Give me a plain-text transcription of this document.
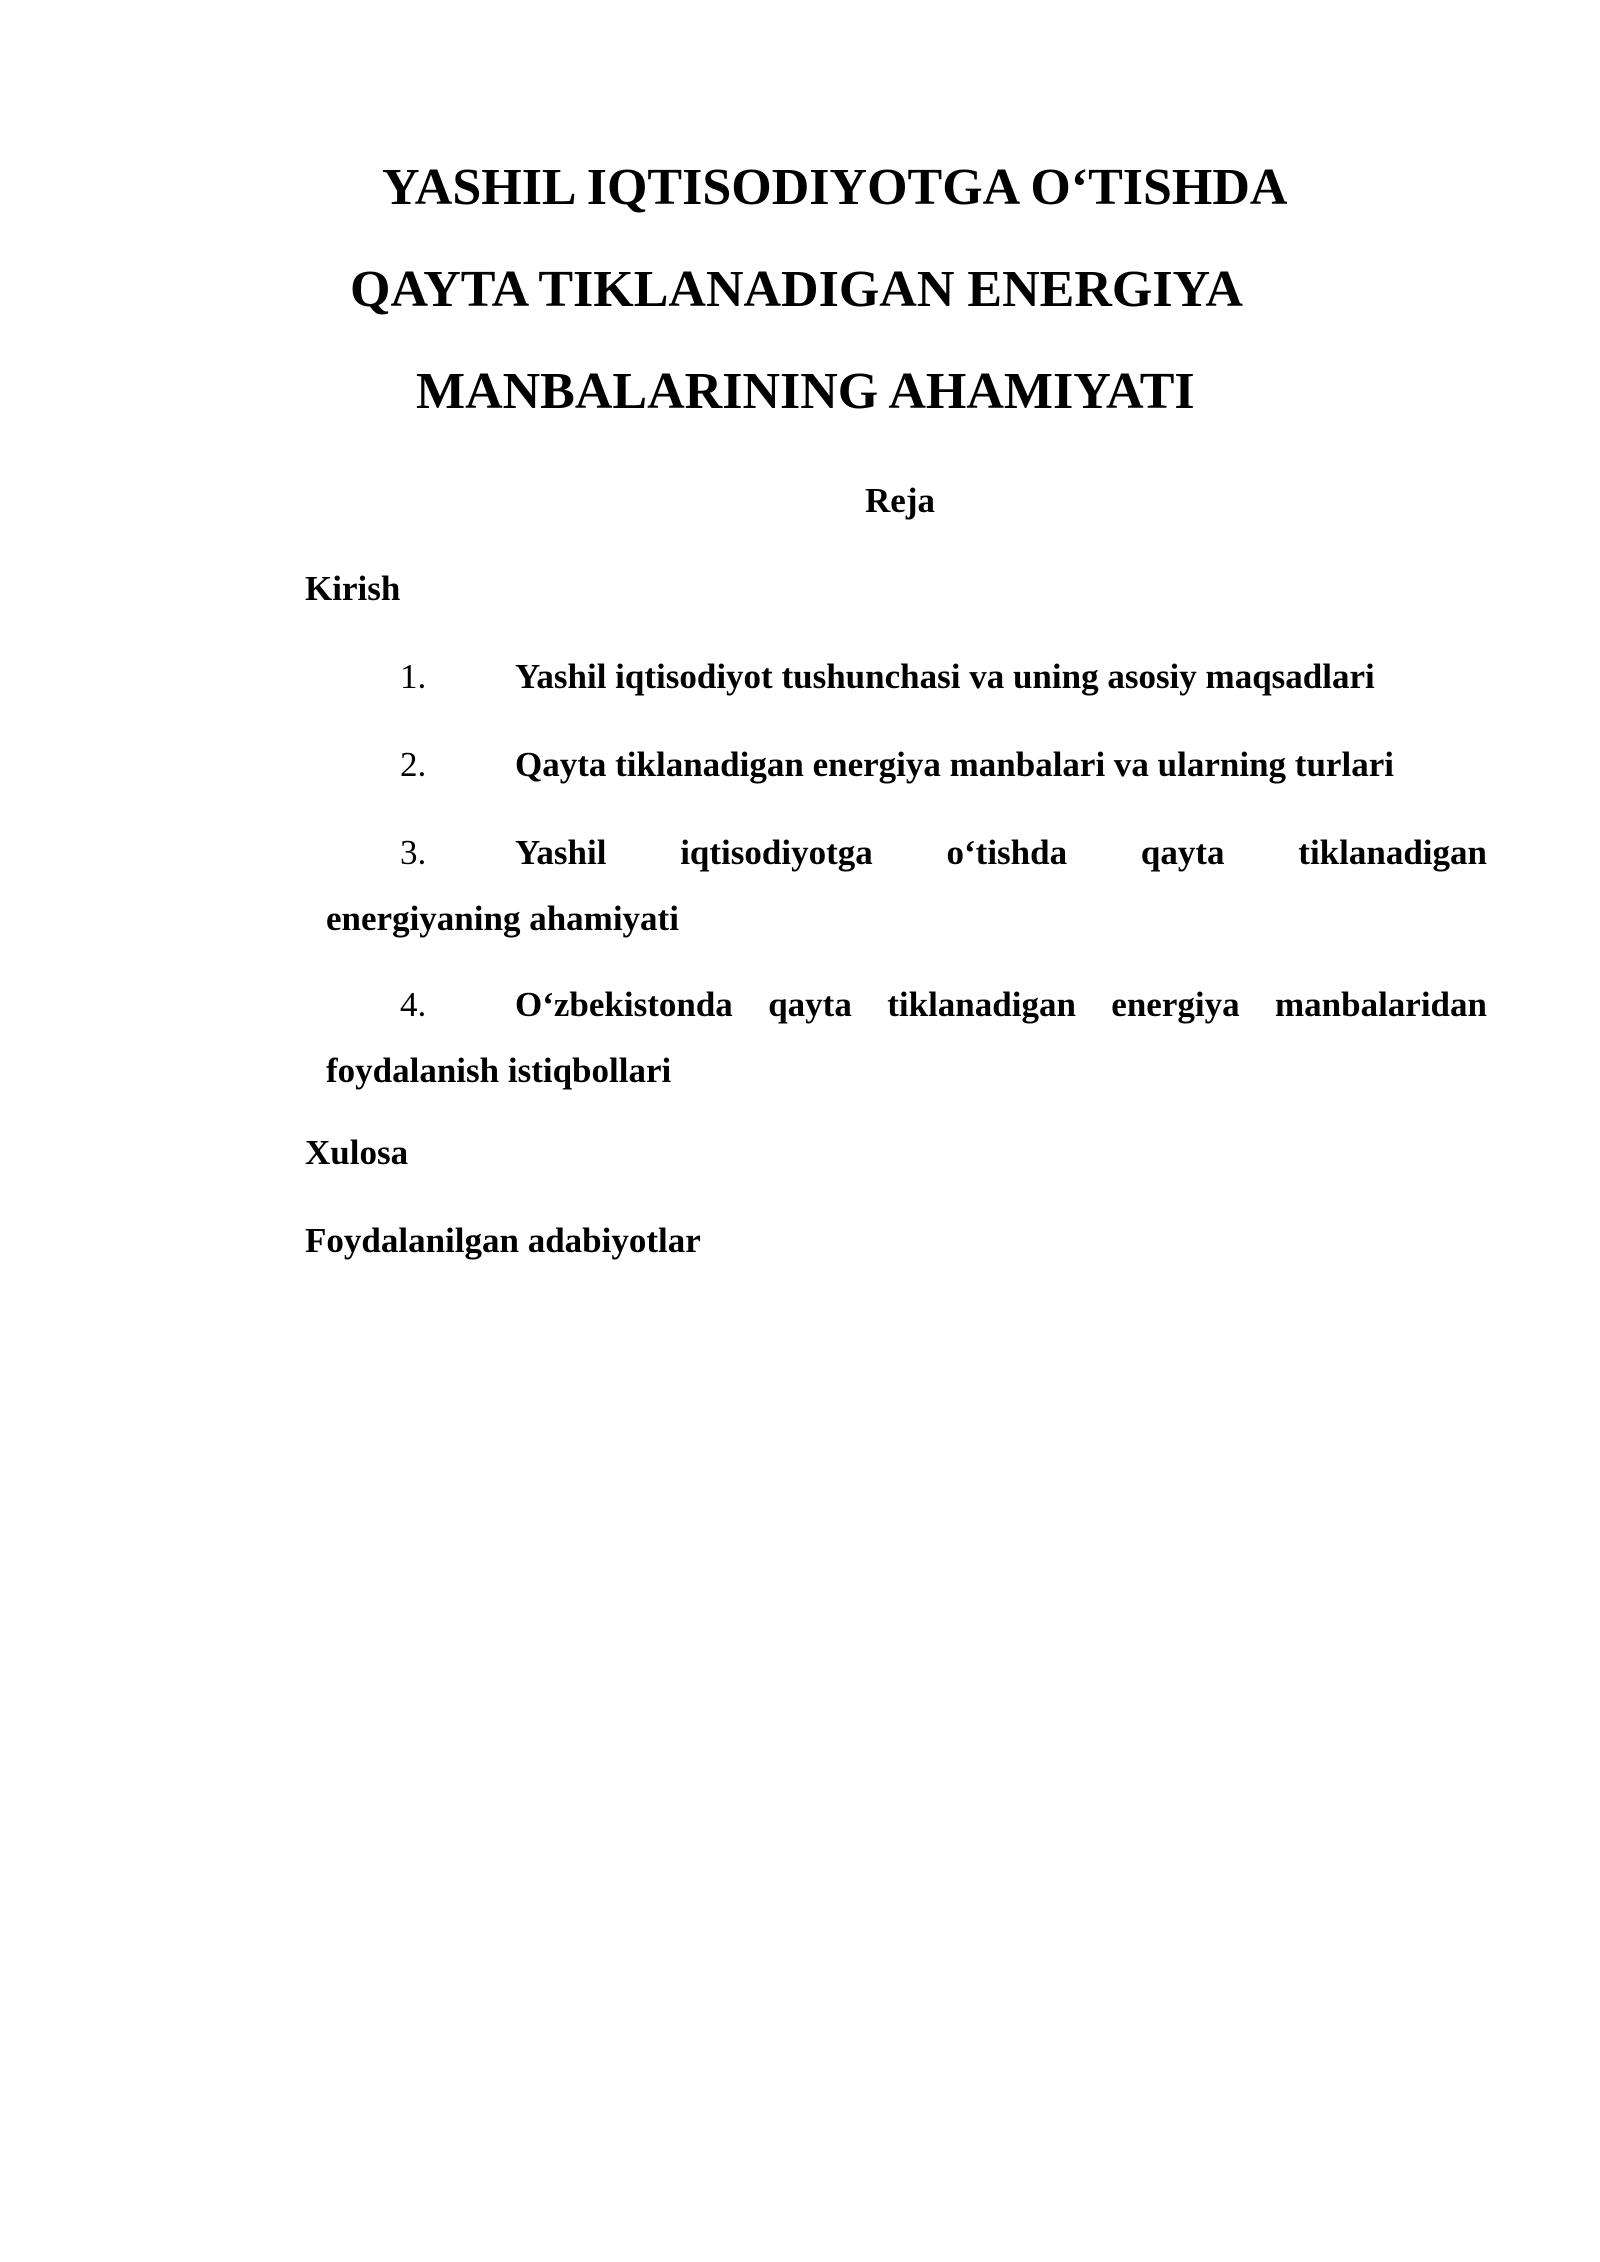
YASHIL IQTISODIYOTGA O‘TISHDA
QAYTA TIKLANADIGAN ENERGIYA
MANBALARINING AHAMIYATI
Reja
Kirish
1.	Yashil iqtisodiyot tushunchasi va uning asosiy maqsadlari
2.	Qayta tiklanadigan energiya manbalari va ularning turlari
3.	Yashil iqtisodiyotga o‘tishda qayta tiklanadigan
energiyaning ahamiyati
4.	O‘zbekistonda qayta tiklanadigan energiya manbalaridan
foydalanish istiqbollari
Xulosa
Foydalanilgan adabiyotlar
